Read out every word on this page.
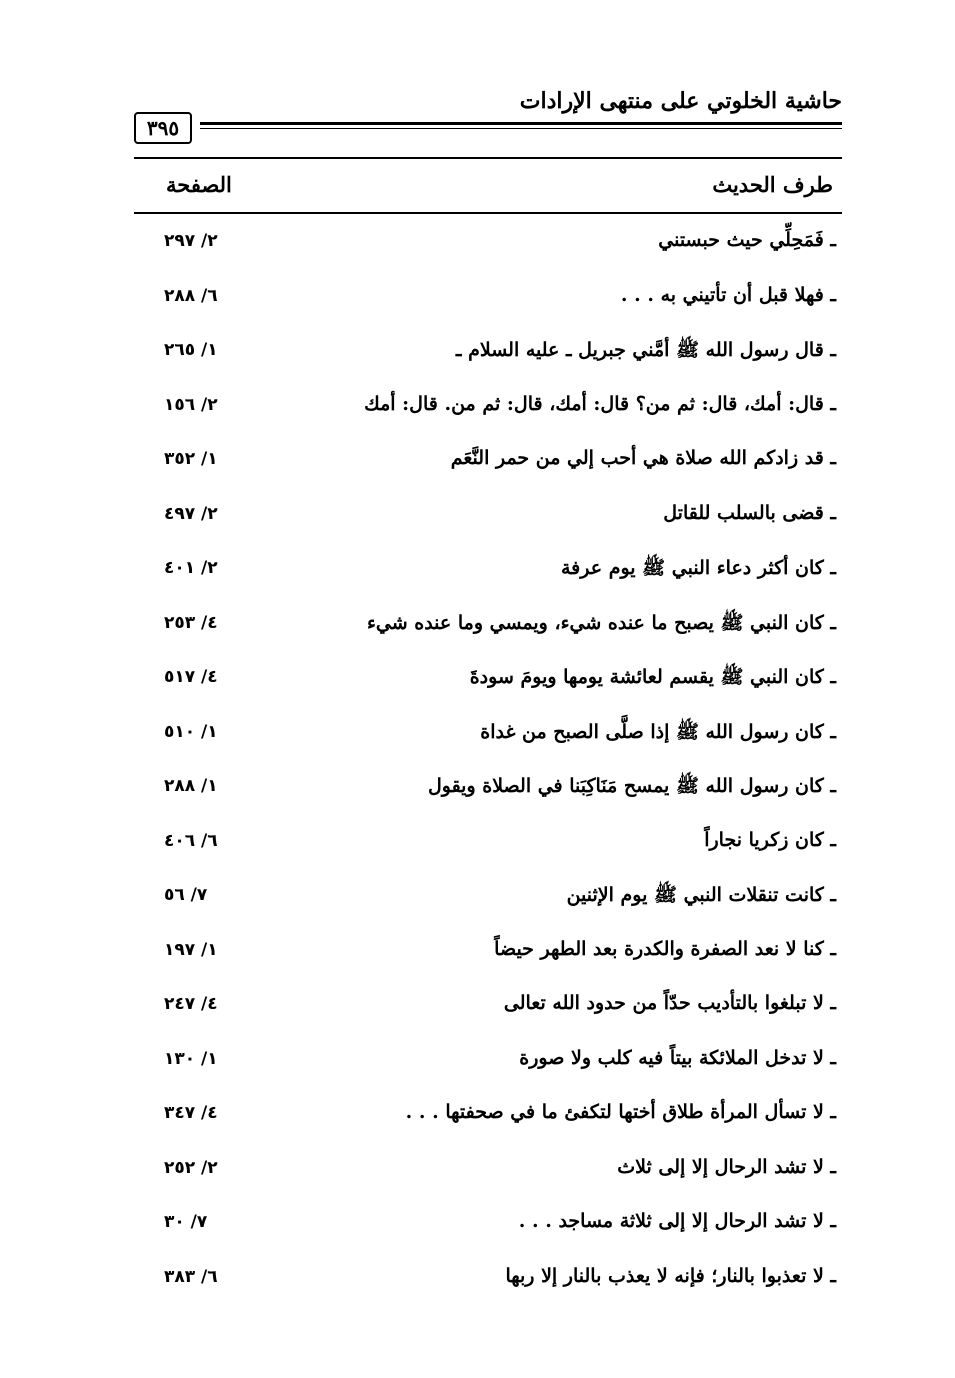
حاشية الخلوتي على منتهى الإرادات
٣٩٥
طرف الحديث
الصفحة
ـ فَمَحِلِّي حيث حبستني
٢/ ٢٩٧
ـ فهلا قبل أن تأتيني به . . .
٦/ ٢٨٨
ـ قال رسول الله ﷺ أمَّني جبريل ـ عليه السلام ـ
١/ ٢٦٥
ـ قال: أمك، قال: ثم من؟ قال: أمك، قال: ثم من. قال: أمك
٢/ ١٥٦
ـ قد زادكم الله صلاة هي أحب إلي من حمر النَّعَم
١/ ٣٥٢
ـ قضى بالسلب للقاتل
٢/ ٤٩٧
ـ كان أكثر دعاء النبي ﷺ يوم عرفة
٢/ ٤٠١
ـ كان النبي ﷺ يصبح ما عنده شيء، ويمسي وما عنده شيء
٤/ ٢٥٣
ـ كان النبي ﷺ يقسم لعائشة يومها ويومَ سودةَ
٤/ ٥١٧
ـ كان رسول الله ﷺ إذا صلَّى الصبح من غداة
١/ ٥١٠
ـ كان رسول الله ﷺ يمسح مَنَاكِبَنا في الصلاة ويقول
١/ ٢٨٨
ـ كان زكريا نجاراً
٦/ ٤٠٦
ـ كانت تنقلات النبي ﷺ يوم الإثنين
٧/ ٥٦
ـ كنا لا نعد الصفرة والكدرة بعد الطهر حيضاً
١/ ١٩٧
ـ لا تبلغوا بالتأديب حدّاً من حدود الله تعالى
٤/ ٢٤٧
ـ لا تدخل الملائكة بيتاً فيه كلب ولا صورة
١/ ١٣٠
ـ لا تسأل المرأة طلاق أختها لتكفئ ما في صحفتها . . .
٤/ ٣٤٧
ـ لا تشد الرحال إلا إلى ثلاث
٢/ ٢٥٢
ـ لا تشد الرحال إلا إلى ثلاثة مساجد . . .
٧/ ٣٠
ـ لا تعذبوا بالنار؛ فإنه لا يعذب بالنار إلا ربها
٦/ ٣٨٣
